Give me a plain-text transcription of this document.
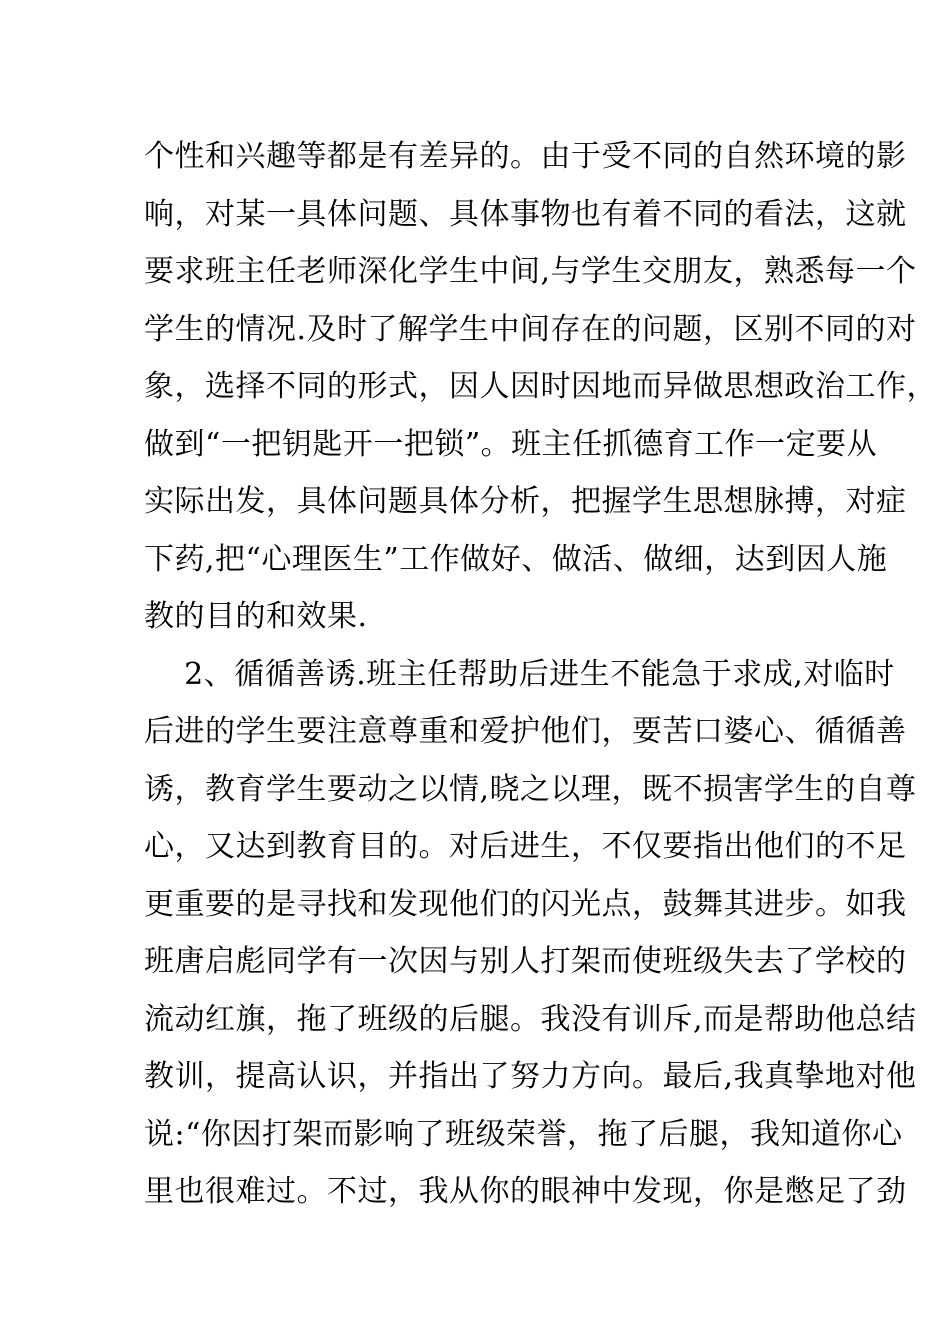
个性和兴趣等都是有差异的。由于受不同的自然环境的影
响，对某一具体问题、具体事物也有着不同的看法，这就
要求班主任老师深化学生中间,与学生交朋友，熟悉每一个
学生的情况.及时了解学生中间存在的问题，区别不同的对
象，选择不同的形式，因人因时因地而异做思想政治工作，
做到“一把钥匙开一把锁”。班主任抓德育工作一定要从
实际出发，具体问题具体分析，把握学生思想脉搏，对症
下药,把“心理医生”工作做好、做活、做细，达到因人施
教的目的和效果.
2、循循善诱.班主任帮助后进生不能急于求成,对临时
后进的学生要注意尊重和爱护他们，要苦口婆心、循循善
诱，教育学生要动之以情,晓之以理，既不损害学生的自尊
心，又达到教育目的。对后进生，不仅要指出他们的不足
更重要的是寻找和发现他们的闪光点，鼓舞其进步。如我
班唐启彪同学有一次因与别人打架而使班级失去了学校的
流动红旗，拖了班级的后腿。我没有训斥,而是帮助他总结
教训，提高认识，并指出了努力方向。最后,我真挚地对他
说:“你因打架而影响了班级荣誉，拖了后腿，我知道你心
里也很难过。不过，我从你的眼神中发现，你是憋足了劲
